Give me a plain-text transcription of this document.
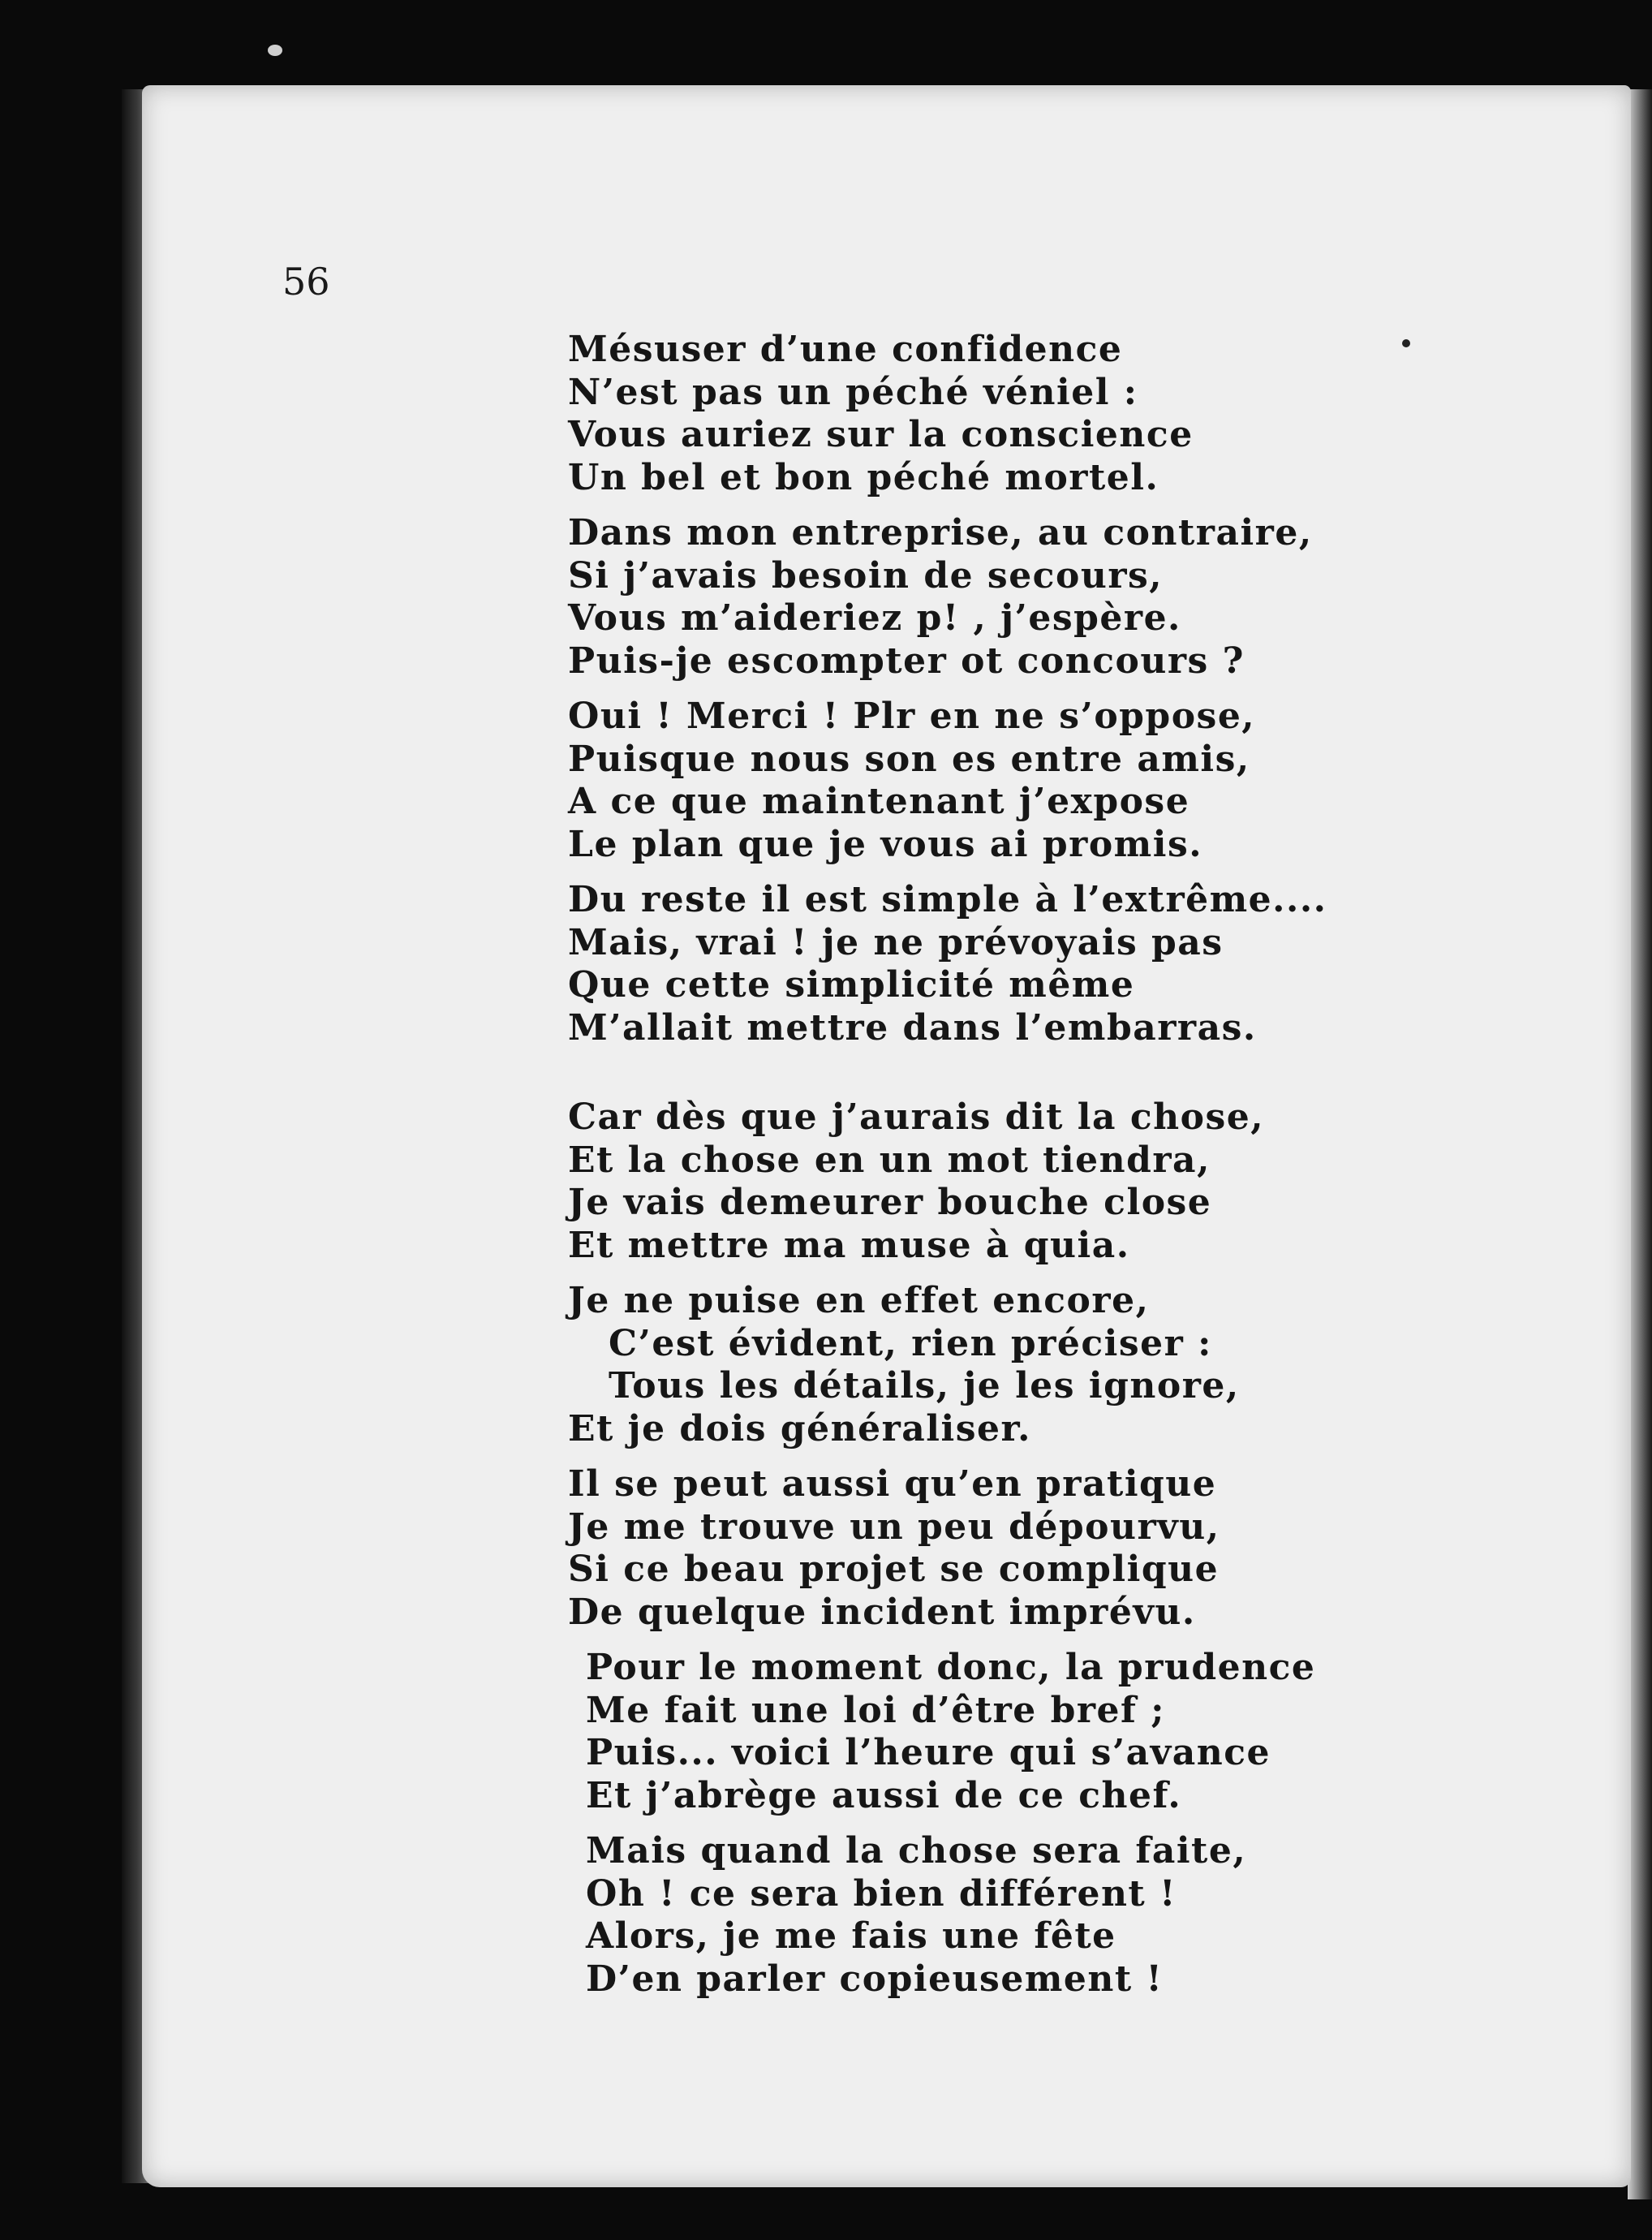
56

Mésuser d’une confidence
N’est pas un péché véniel :
Vous auriez sur la conscience
Un bel et bon péché mortel.
Dans mon entreprise, au contraire,
Si j’avais besoin de secours,
Vous m’aideriez p! , j’espère.
Puis-je escompter ot concours ?
Oui ! Merci ! Plr en ne s’oppose,
Puisque nous son es entre amis,
A ce que maintenant j’expose
Le plan que je vous ai promis.
Du reste il est simple à l’extrême....
Mais, vrai ! je ne prévoyais pas
Que cette simplicité même
M’allait mettre dans l’embarras.
Car dès que j’aurais dit la chose,
Et la chose en un mot tiendra,
Je vais demeurer bouche close
Et mettre ma muse à quia.
Je ne puise en effet encore,
C’est évident, rien préciser :
Tous les détails, je les ignore,
Et je dois généraliser.
Il se peut aussi qu’en pratique
Je me trouve un peu dépourvu,
Si ce beau projet se complique
De quelque incident imprévu.
Pour le moment donc, la prudence
Me fait une loi d’être bref ;
Puis... voici l’heure qui s’avance
Et j’abrège aussi de ce chef.
Mais quand la chose sera faite,
Oh ! ce sera bien différent !
Alors, je me fais une fête
D’en parler copieusement !
